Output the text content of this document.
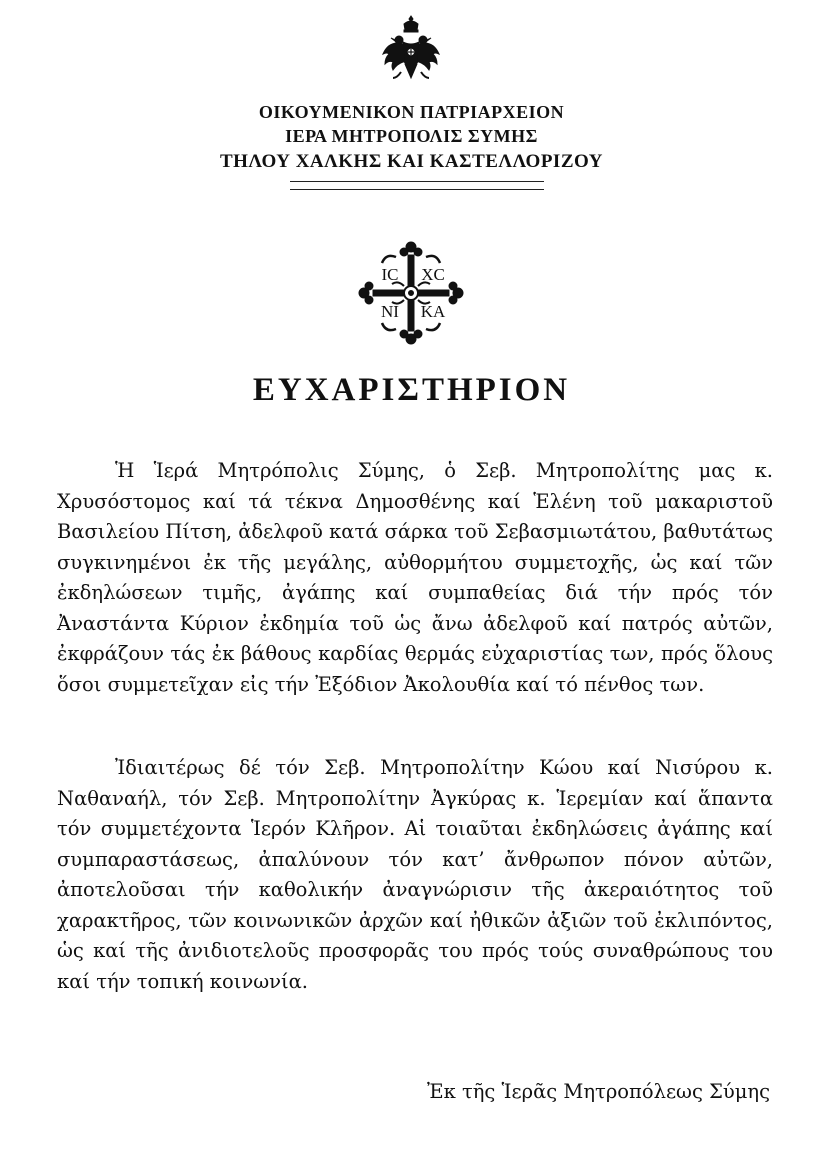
ΟΙΚΟΥΜΕΝΙΚΟΝ ΠΑΤΡΙΑΡΧΕΙΟΝ
ΙΕΡΑ ΜΗΤΡΟΠΟΛΙΣ ΣΥΜΗΣ
ΤΗΛΟΥ ΧΑΛΚΗΣ ΚΑΙ ΚΑΣΤΕΛΛΟΡΙΖΟΥ
IC XC
NI KA
ΕΥΧΑΡΙΣΤΗΡΙΟΝ

Ἡ Ἱερά Μητρόπολις Σύμης, ὁ Σεβ. Μητροπολίτης μας κ. Χρυσόστομος καί τά τέκνα Δημοσθένης καί Ἑλένη τοῦ μακαριστοῦ Βασιλείου Πίτση, ἀδελφοῦ κατά σάρκα τοῦ Σεβασμιωτάτου, βαθυτάτως συγκινημένοι ἐκ τῆς μεγάλης, αὐθορμήτου συμμετοχῆς, ὡς καί τῶν ἐκδηλώσεων τιμῆς, ἀγάπης καί συμπαθείας διά τήν πρός τόν Ἀναστάντα Κύριον ἐκδημία τοῦ ὡς ἄνω ἀδελφοῦ καί πατρός αὐτῶν, ἐκφράζουν τάς ἐκ βάθους καρδίας θερμάς εὐχαριστίας των, πρός ὅλους ὅσοι συμμετεῖχαν εἰς τήν Ἐξόδιον Ἀκολουθία καί τό πένθος των.

Ἰδιαιτέρως δέ τόν Σεβ. Μητροπολίτην Κώου καί Νισύρου κ. Ναθαναήλ, τόν Σεβ. Μητροπολίτην Ἀγκύρας κ. Ἱερεμίαν καί ἅπαντα τόν συμμετέχοντα Ἱερόν Κλῆρον. Αἱ τοιαῦται ἐκδηλώσεις ἀγάπης καί συμπαραστάσεως, ἀπαλύνουν τόν κατ’ ἄνθρωπον πόνον αὐτῶν, ἀποτελοῦσαι τήν καθολικήν ἀναγνώρισιν τῆς ἀκεραιότητος τοῦ χαρακτῆρος, τῶν κοινωνικῶν ἀρχῶν καί ἠθικῶν ἀξιῶν τοῦ ἐκλιπόντος, ὡς καί τῆς ἀνιδιοτελοῦς προσφορᾶς του πρός τούς συναθρώπους του καί τήν τοπική κοινωνία.

Ἐκ τῆς Ἱερᾶς Μητροπόλεως Σύμης
